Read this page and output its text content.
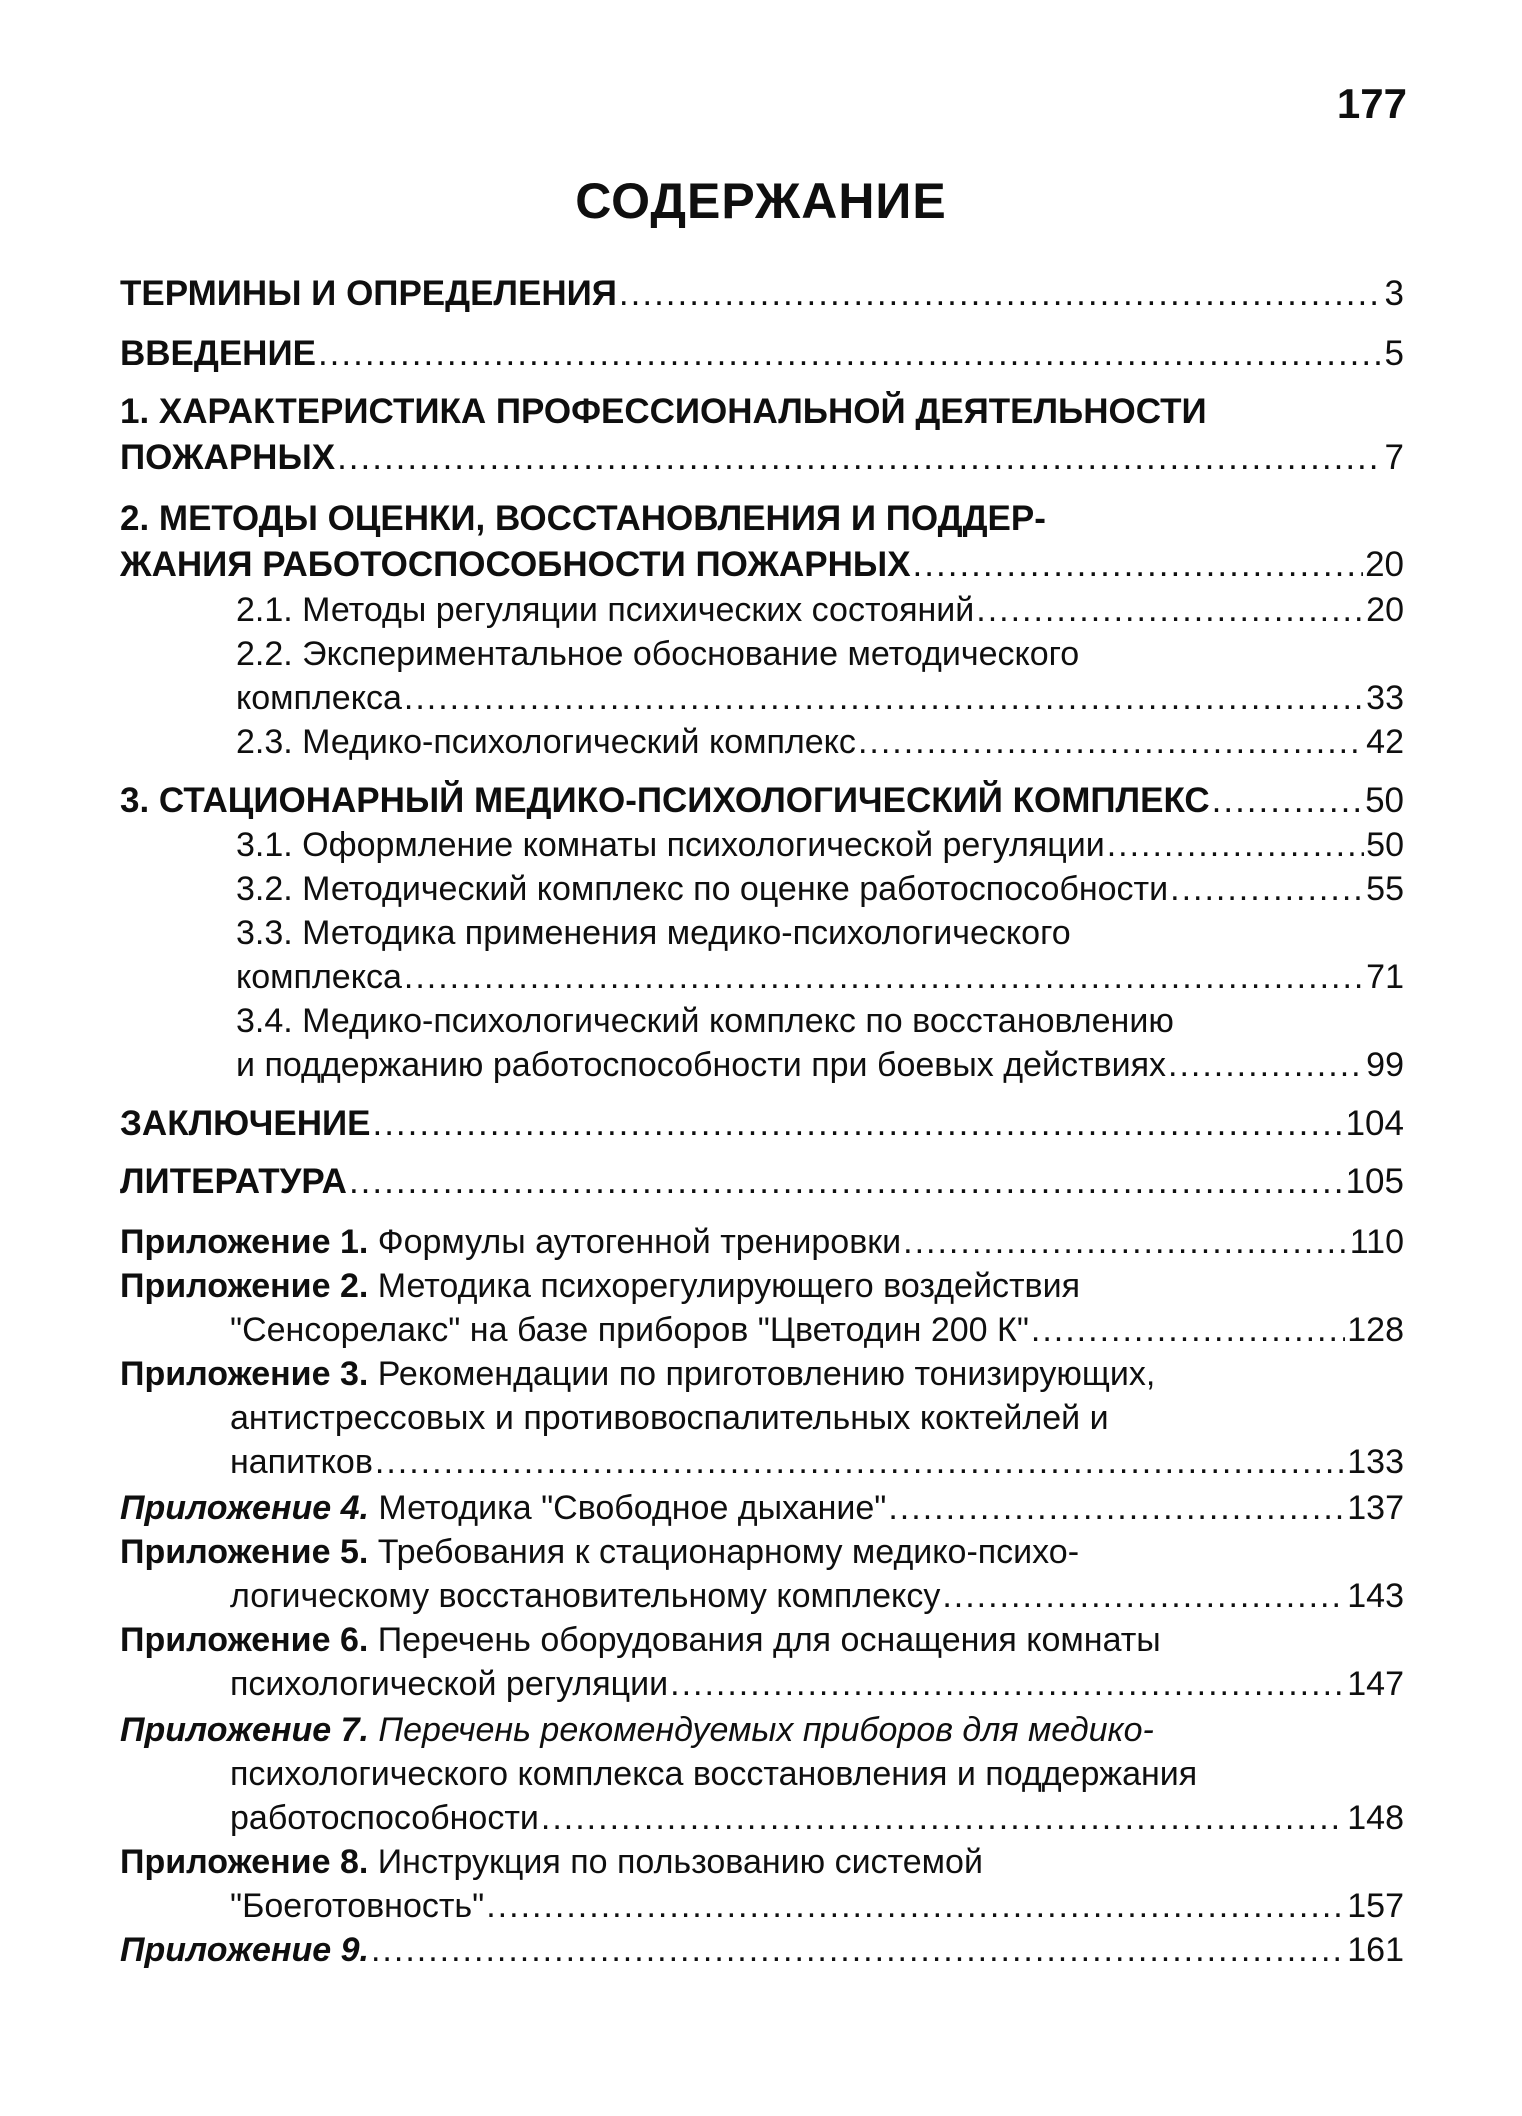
177
СОДЕРЖАНИЕ
ТЕРМИНЫ И ОПРЕДЕЛЕНИЯ .....	3
ВВЕДЕНИЕ .....	5
1. ХАРАКТЕРИСТИКА ПРОФЕССИОНАЛЬНОЙ ДЕЯТЕЛЬНОСТИ
ПОЖАРНЫХ .....	7
2. МЕТОДЫ ОЦЕНКИ, ВОССТАНОВЛЕНИЯ И ПОДДЕР-
ЖАНИЯ РАБОТОСПОСОБНОСТИ ПОЖАРНЫХ .....	20
2.1. Методы регуляции психических состояний .....	20
2.2. Экспериментальное обоснование методического
комплекса .....	33
2.3. Медико-психологический комплекс .....	42
3. СТАЦИОНАРНЫЙ МЕДИКО-ПСИХОЛОГИЧЕСКИЙ КОМПЛЕКС .....	50
3.1. Оформление комнаты психологической регуляции .....	50
3.2. Методический комплекс по оценке работоспособности .....	55
3.3. Методика применения медико-психологического
комплекса .....	71
3.4. Медико-психологический комплекс по восстановлению
и поддержанию работоспособности при боевых действиях .....	99
ЗАКЛЮЧЕНИЕ .....	104
ЛИТЕРАТУРА .....	105
Приложение 1. Формулы аутогенной тренировки .....	110
Приложение 2. Методика психорегулирующего воздействия
"Сенсорелакс" на базе приборов "Цветодин 200 К" .....	128
Приложение 3. Рекомендации по приготовлению тонизирующих,
антистрессовых и противовоспалительных коктейлей и
напитков .....	133
Приложение 4. Методика "Свободное дыхание" .....	137
Приложение 5. Требования к стационарному медико-психо-
логическому восстановительному комплексу .....	143
Приложение 6. Перечень оборудования для оснащения комнаты
психологической регуляции .....	147
Приложение 7. Перечень рекомендуемых приборов для медико-
психологического комплекса восстановления и поддержания
работоспособности .....	148
Приложение 8. Инструкция по пользованию системой
"Боеготовность" .....	157
Приложение 9. .....	161
